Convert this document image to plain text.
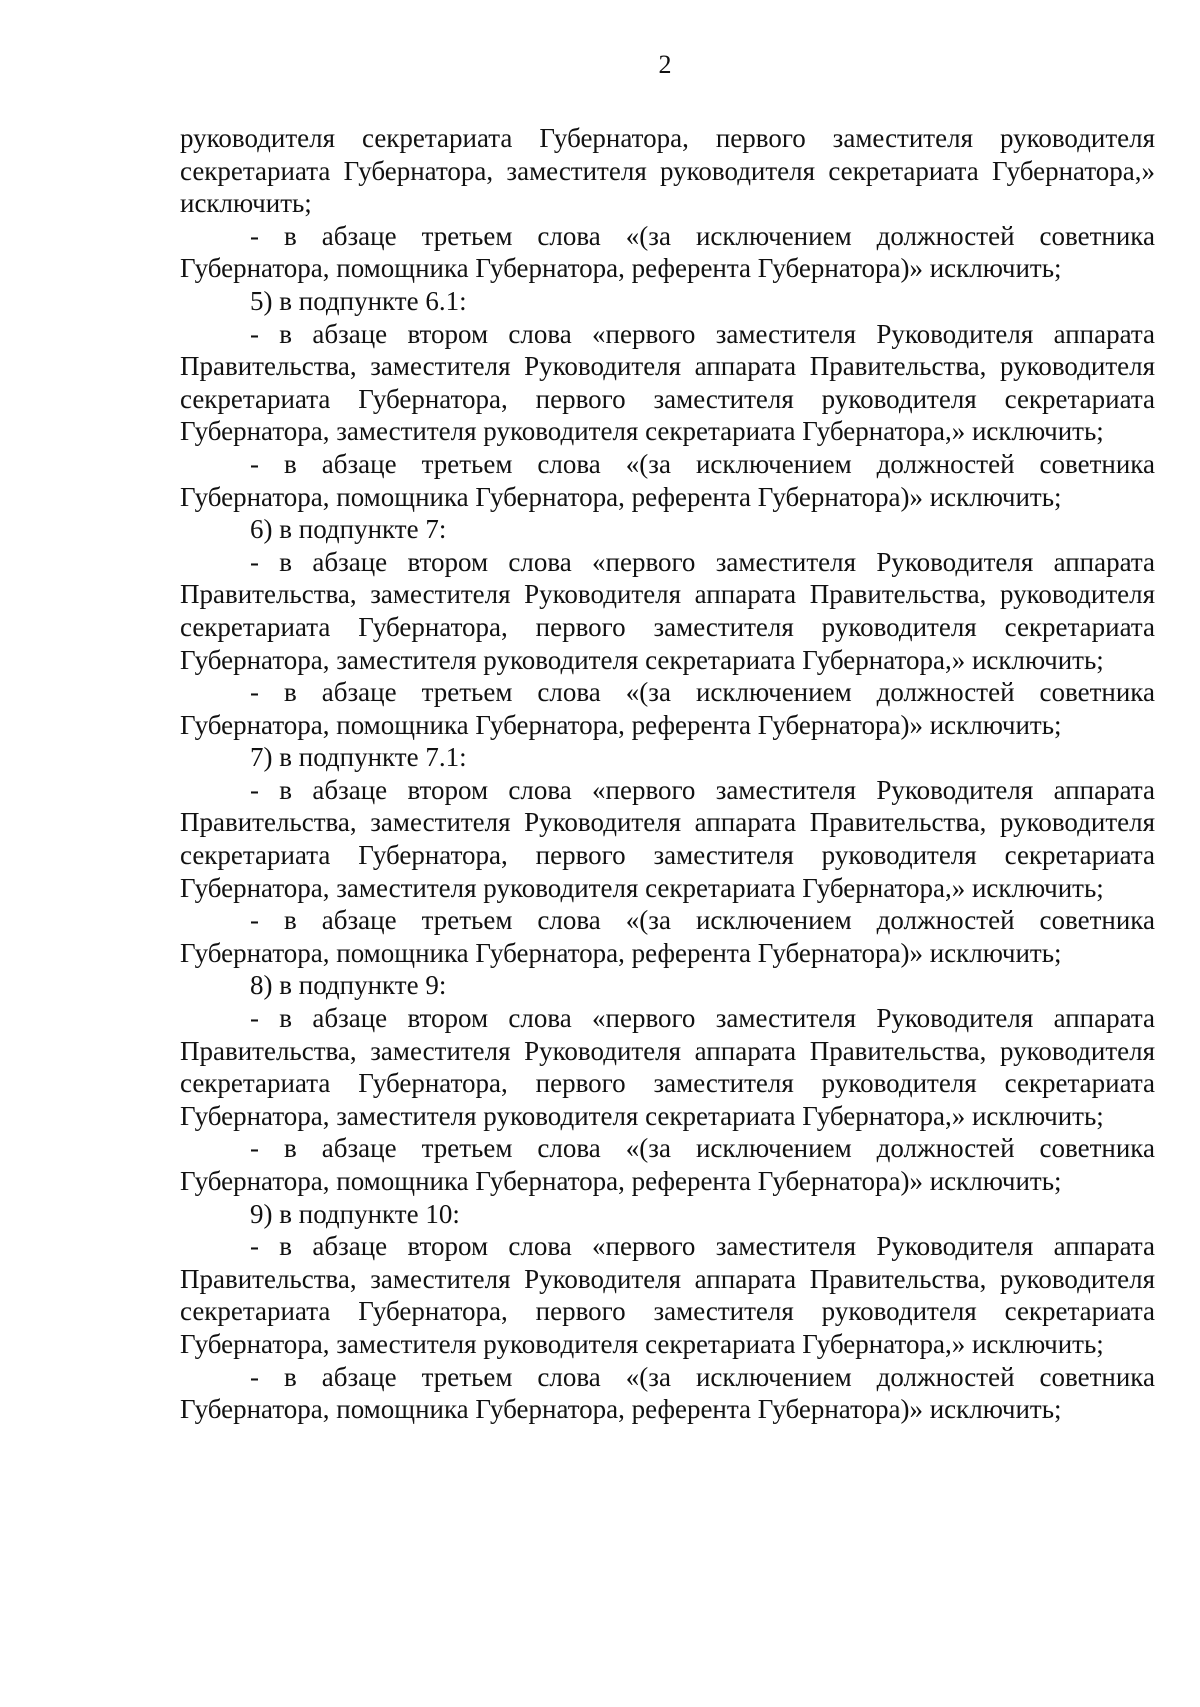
2

руководителя секретариата Губернатора, первого заместителя руководителя секретариата Губернатора, заместителя руководителя секретариата Губернатора,» исключить;

- в абзаце третьем слова «(за исключением должностей советника Губернатора, помощника Губернатора, референта Губернатора)» исключить;

5) в подпункте 6.1:

- в абзаце втором слова «первого заместителя Руководителя аппарата Правительства, заместителя Руководителя аппарата Правительства, руководителя секретариата Губернатора, первого заместителя руководителя секретариата Губернатора, заместителя руководителя секретариата Губернатора,» исключить;

- в абзаце третьем слова «(за исключением должностей советника Губернатора, помощника Губернатора, референта Губернатора)» исключить;

6) в подпункте 7:

- в абзаце втором слова «первого заместителя Руководителя аппарата Правительства, заместителя Руководителя аппарата Правительства, руководителя секретариата Губернатора, первого заместителя руководителя секретариата Губернатора, заместителя руководителя секретариата Губернатора,» исключить;

- в абзаце третьем слова «(за исключением должностей советника Губернатора, помощника Губернатора, референта Губернатора)» исключить;

7) в подпункте 7.1:

- в абзаце втором слова «первого заместителя Руководителя аппарата Правительства, заместителя Руководителя аппарата Правительства, руководителя секретариата Губернатора, первого заместителя руководителя секретариата Губернатора, заместителя руководителя секретариата Губернатора,» исключить;

- в абзаце третьем слова «(за исключением должностей советника Губернатора, помощника Губернатора, референта Губернатора)» исключить;

8) в подпункте 9:

- в абзаце втором слова «первого заместителя Руководителя аппарата Правительства, заместителя Руководителя аппарата Правительства, руководителя секретариата Губернатора, первого заместителя руководителя секретариата Губернатора, заместителя руководителя секретариата Губернатора,» исключить;

- в абзаце третьем слова «(за исключением должностей советника Губернатора, помощника Губернатора, референта Губернатора)» исключить;

9) в подпункте 10:

- в абзаце втором слова «первого заместителя Руководителя аппарата Правительства, заместителя Руководителя аппарата Правительства, руководителя секретариата Губернатора, первого заместителя руководителя секретариата Губернатора, заместителя руководителя секретариата Губернатора,» исключить;

- в абзаце третьем слова «(за исключением должностей советника Губернатора, помощника Губернатора, референта Губернатора)» исключить;
